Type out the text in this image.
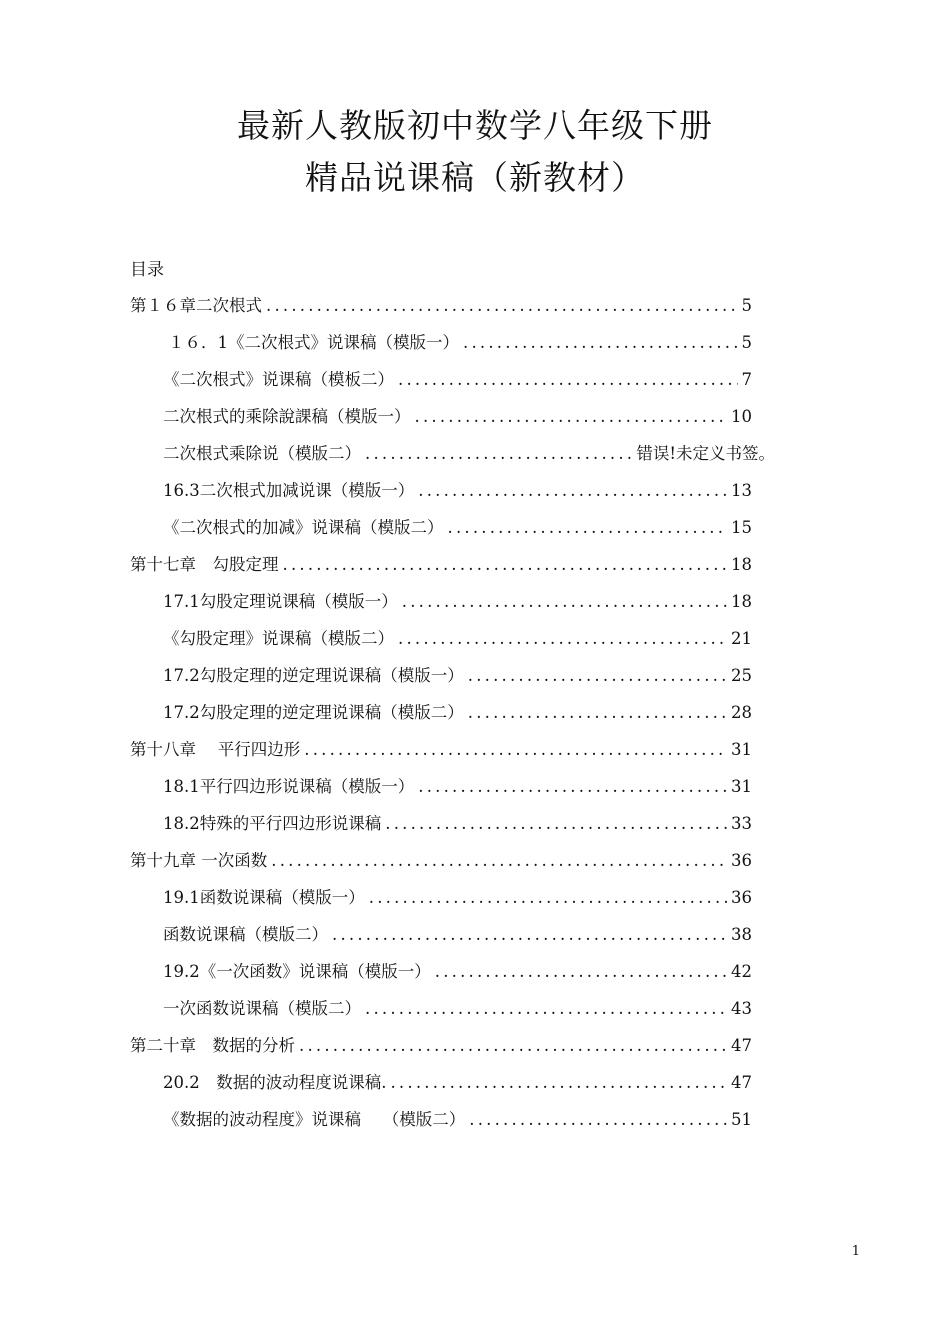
最新人教版初中数学八年级下册
精品说课稿（新教材）
目录
第１６章二次根式 .....	5
１６．1《二次根式》说课稿（模版一） .....	5
《二次根式》说课稿（模板二） .....	7
二次根式的乘除說課稿（模版一） .....	10
二次根式乘除说（模版二） .....	错误!未定义书签。
16.3二次根式加减说课（模版一） .....	13
《二次根式的加减》说课稿（模版二） .....	15
第十七章　勾股定理 .....	18
17.1勾股定理说课稿（模版一） .....	18
《勾股定理》说课稿（模版二） .....	21
17.2勾股定理的逆定理说课稿（模版一） .....	25
17.2勾股定理的逆定理说课稿（模版二） .....	28
第十八章　 平行四边形 .....	31
18.1平行四边形说课稿（模版一） .....	31
18.2特殊的平行四边形说课稿 .....	33
第十九章 一次函数 .....	36
19.1函数说课稿（模版一） .....	36
函数说课稿（模版二） .....	38
19.2《一次函数》说课稿（模版一） .....	42
一次函数说课稿（模版二） .....	43
第二十章　数据的分析 .....	47
20.2　数据的波动程度说课稿. .....	47
《数据的波动程度》说课稿　 （模版二） .....	51
1
